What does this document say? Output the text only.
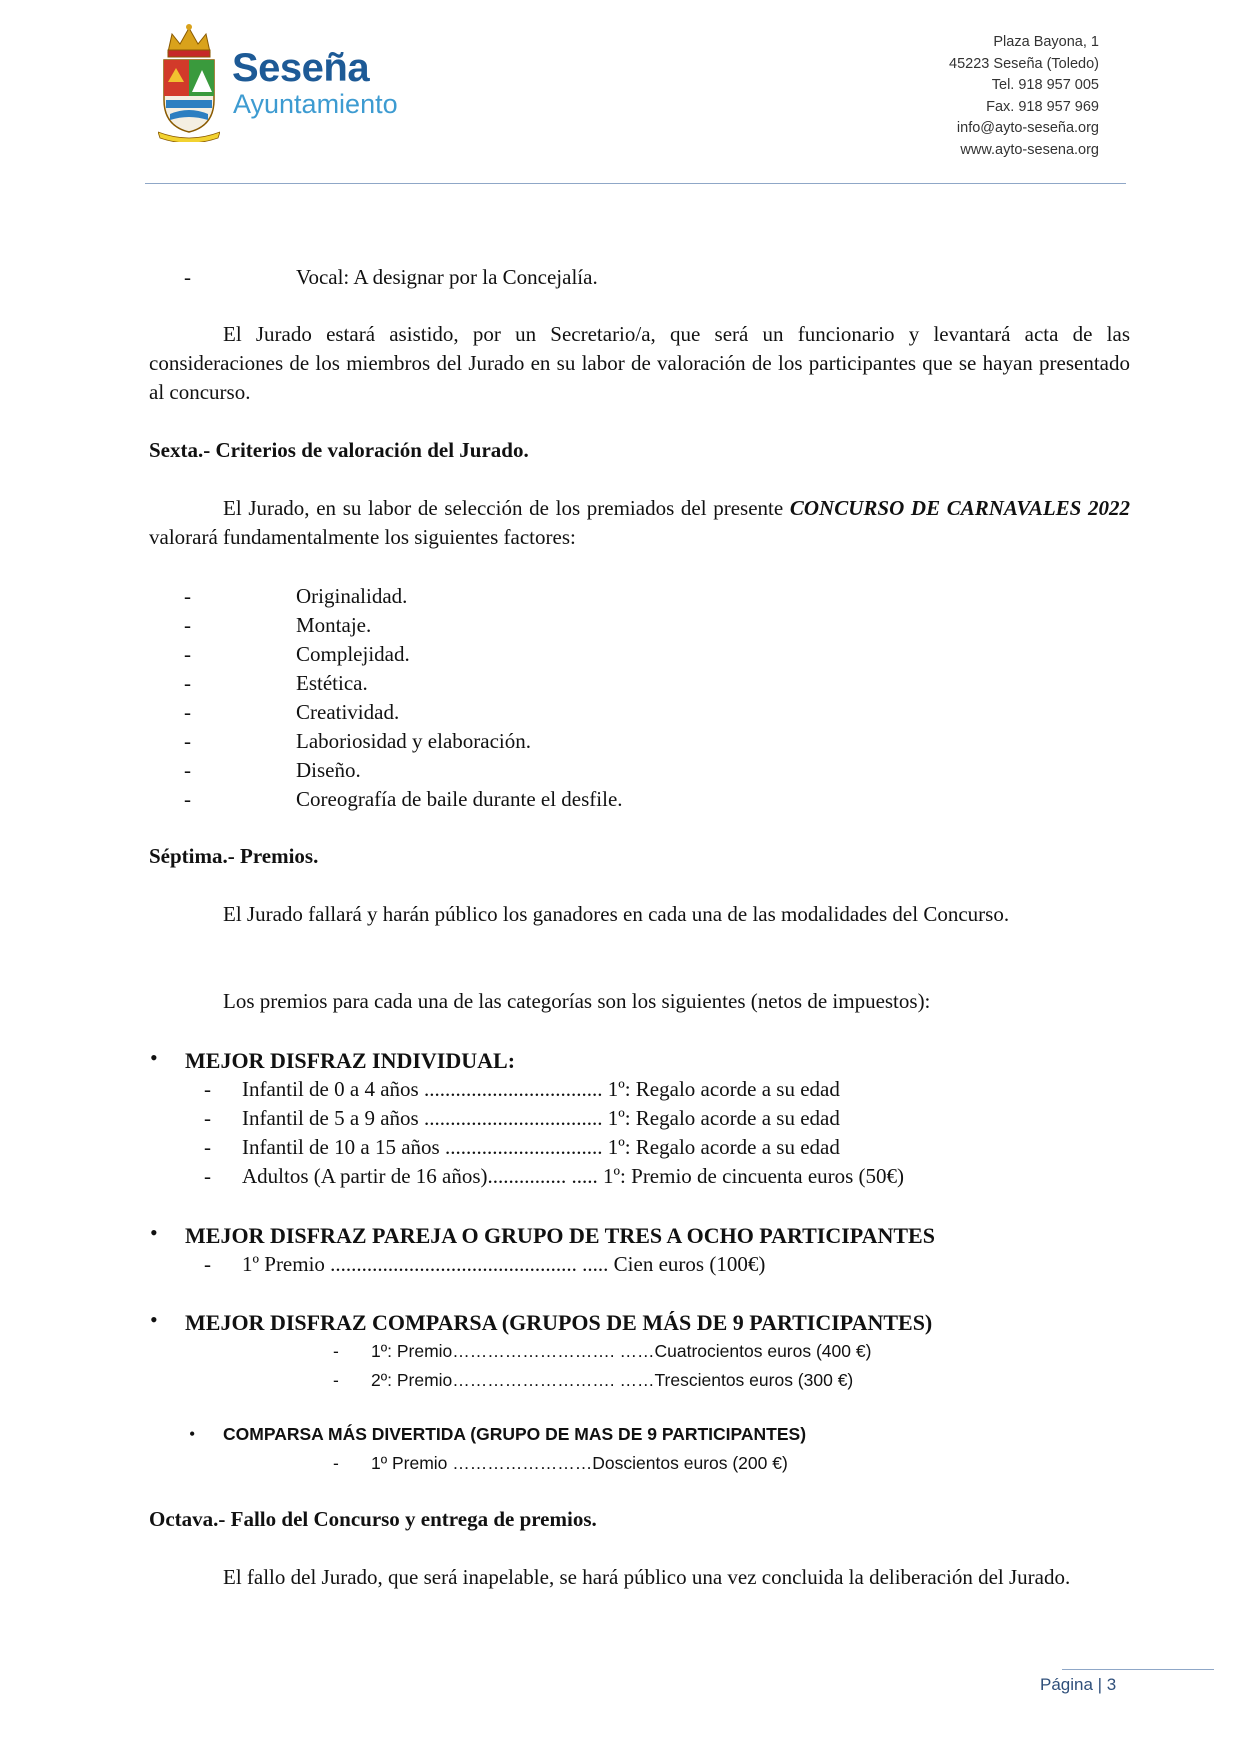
Seseña
Ayuntamiento
Plaza Bayona, 1
45223 Seseña (Toledo)
Tel. 918 957 005
Fax. 918 957 969
info@ayto-seseña.org
www.ayto-sesena.org
-	Vocal: A designar por la Concejalía.
El Jurado estará asistido, por un Secretario/a, que será un funcionario y levantará acta de las consideraciones de los miembros del Jurado en su labor de valoración de los participantes que se hayan presentado al concurso.
Sexta.- Criterios de valoración del Jurado.
El Jurado, en su labor de selección de los premiados del presente CONCURSO DE CARNAVALES 2022 valorará fundamentalmente los siguientes factores:
-	Originalidad.
-	Montaje.
-	Complejidad.
-	Estética.
-	Creatividad.
-	Laboriosidad y elaboración.
-	Diseño.
-	Coreografía de baile durante el desfile.
Séptima.- Premios.
El Jurado fallará y harán público los ganadores en cada una de las modalidades del Concurso.
Los premios para cada una de las categorías son los siguientes (netos de impuestos):
• MEJOR DISFRAZ INDIVIDUAL:
- Infantil de 0 a 4 años .................................. 1º: Regalo acorde a su edad
- Infantil de 5 a 9 años .................................. 1º: Regalo acorde a su edad
- Infantil de 10 a 15 años .............................. 1º: Regalo acorde a su edad
- Adultos (A partir de 16 años)............... ..... 1º: Premio de cincuenta euros (50€)
• MEJOR DISFRAZ PAREJA O GRUPO DE TRES A OCHO PARTICIPANTES
- 1º Premio ............................................... ..... Cien euros (100€)
• MEJOR DISFRAZ COMPARSA (GRUPOS DE MÁS DE 9 PARTICIPANTES)
- 1º: Premio………………………. ……Cuatrocientos euros (400 €)
- 2º: Premio………………………. ……Trescientos euros (300 €)
• COMPARSA MÁS DIVERTIDA (GRUPO DE MAS DE 9 PARTICIPANTES)
- 1º Premio ……………………Doscientos euros (200 €)
Octava.- Fallo del Concurso y entrega de premios.
El fallo del Jurado, que será inapelable, se hará público una vez concluida la deliberación del Jurado.
Página | 3
